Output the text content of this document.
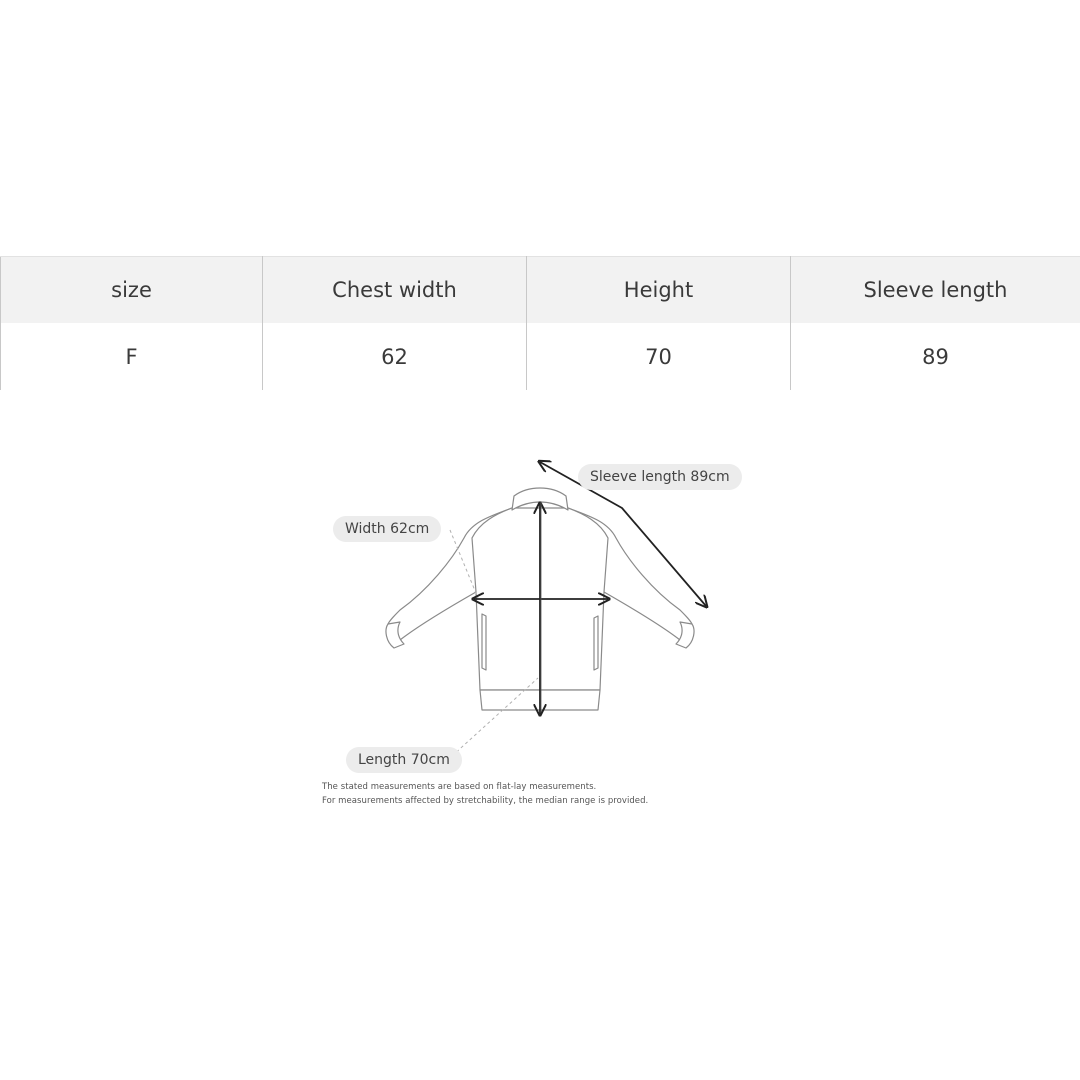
size	Chest width	Height	Sleeve length
F	62	70	89
Width 62cm
Sleeve length 89cm
Length 70cm
The stated measurements are based on flat-lay measurements.
For measurements affected by stretchability, the median range is provided.
